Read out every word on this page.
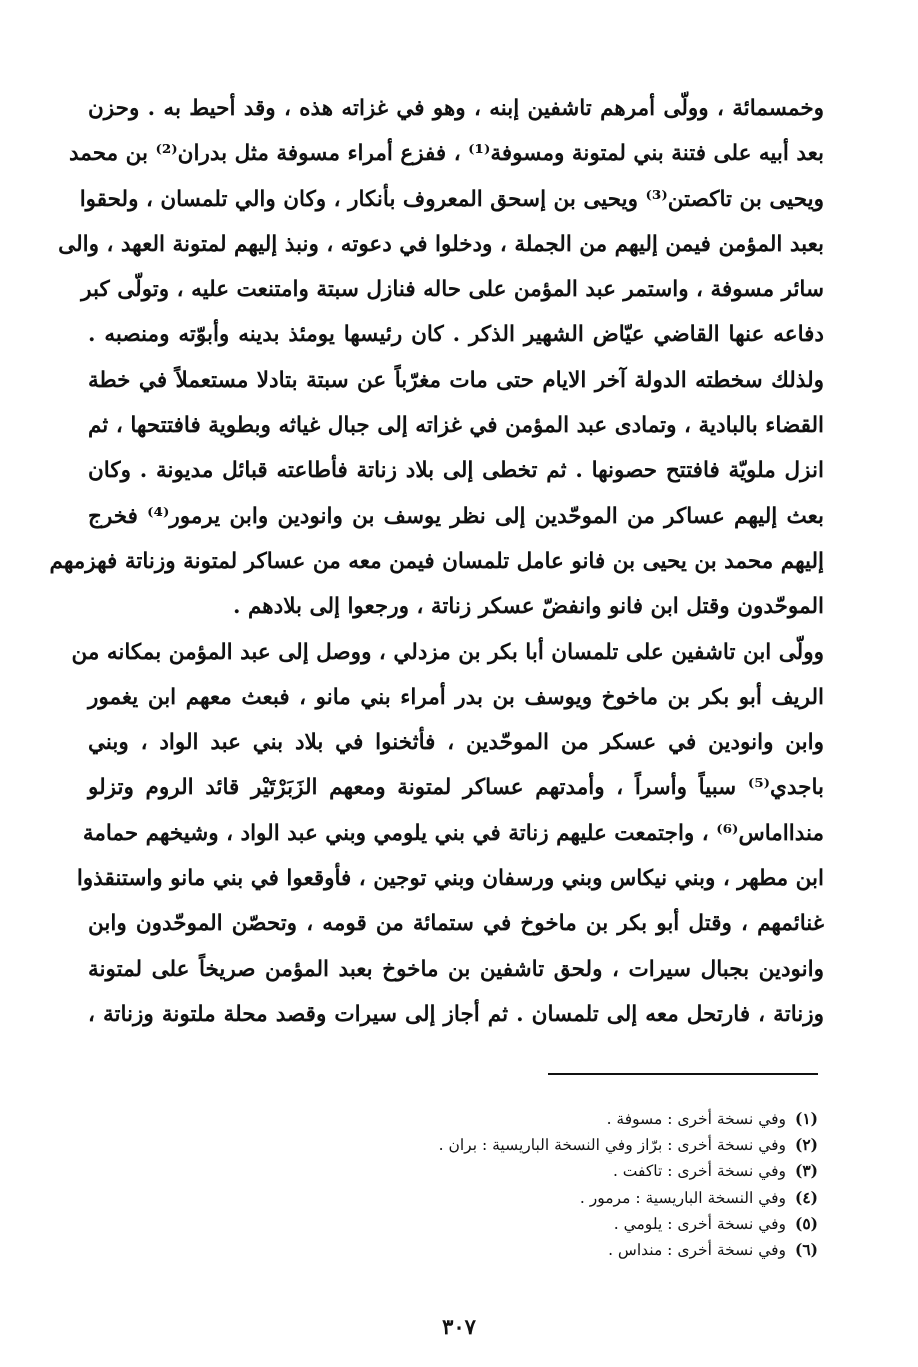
وخمسمائة ، وولّى أمرهم تاشفين إبنه ، وهو في غزاته هذه ، وقد أحيط به . وحزن
بعد أبيه على فتنة بني لمتونة ومسوفة⁽¹⁾ ، ففزع أمراء مسوفة مثل بدران⁽²⁾ بن محمد
ويحيى بن تاكصتن⁽³⁾ ويحيى بن إسحق المعروف بأنكار ، وكان والي تلمسان ، ولحقوا
بعبد المؤمن فيمن إليهم من الجملة ، ودخلوا في دعوته ، ونبذ إليهم لمتونة العهد ، والى
سائر مسوفة ، واستمر عبد المؤمن على حاله فنازل سبتة وامتنعت عليه ، وتولّى كبر
دفاعه عنها القاضي عيّاض الشهير الذكر . كان رئيسها يومئذ بدينه وأبوّته ومنصبه .
ولذلك سخطته الدولة آخر الايام حتى مات مغرّباً عن سبتة بتادلا مستعملاً في خطة
القضاء بالبادية ، وتمادى عبد المؤمن في غزاته إلى جبال غياثه وبطوية فافتتحها ، ثم
انزل ملويّة فافتتح حصونها . ثم تخطى إلى بلاد زناتة فأطاعته قبائل مديونة . وكان
بعث إليهم عساكر من الموحّدين إلى نظر يوسف بن وانودين وابن يرمور⁽⁴⁾ فخرج
إليهم محمد بن يحيى بن فانو عامل تلمسان فيمن معه من عساكر لمتونة وزناتة فهزمهم
الموحّدون وقتل ابن فانو وانفضّ عسكر زناتة ، ورجعوا إلى بلادهم .
وولّى ابن تاشفين على تلمسان أبا بكر بن مزدلي ، ووصل إلى عبد المؤمن بمكانه من
الريف أبو بكر بن ماخوخ ويوسف بن بدر أمراء بني مانو ، فبعث معهم ابن يغمور
وابن وانودين في عسكر من الموحّدين ، فأثخنوا في بلاد بني عبد الواد ، وبني
باجدي⁽⁵⁾ سبياً وأسراً ، وأمدتهم عساكر لمتونة ومعهم الزَبَرْتَيْر قائد الروم وتزلو
مندااماس⁽⁶⁾ ، واجتمعت عليهم زناتة في بني يلومي وبني عبد الواد ، وشيخهم حمامة
ابن مطهر ، وبني نيكاس وبني ورسفان وبني توجين ، فأوقعوا في بني مانو واستنقذوا
غنائمهم ، وقتل أبو بكر بن ماخوخ في ستمائة من قومه ، وتحصّن الموحّدون وابن
وانودين بجبال سيرات ، ولحق تاشفين بن ماخوخ بعبد المؤمن صريخاً على لمتونة
وزناتة ، فارتحل معه إلى تلمسان . ثم أجاز إلى سيرات وقصد محلة ملتونة وزناتة ،
(١) وفي نسخة أخرى : مسوفة .
(٢) وفي نسخة أخرى : برّاز وفي النسخة الباريسية : بران .
(٣) وفي نسخة أخرى : تاكفت .
(٤) وفي النسخة الباريسية : مرمور .
(٥) وفي نسخة أخرى : يلومي .
(٦) وفي نسخة أخرى : منداس .
٣٠٧
